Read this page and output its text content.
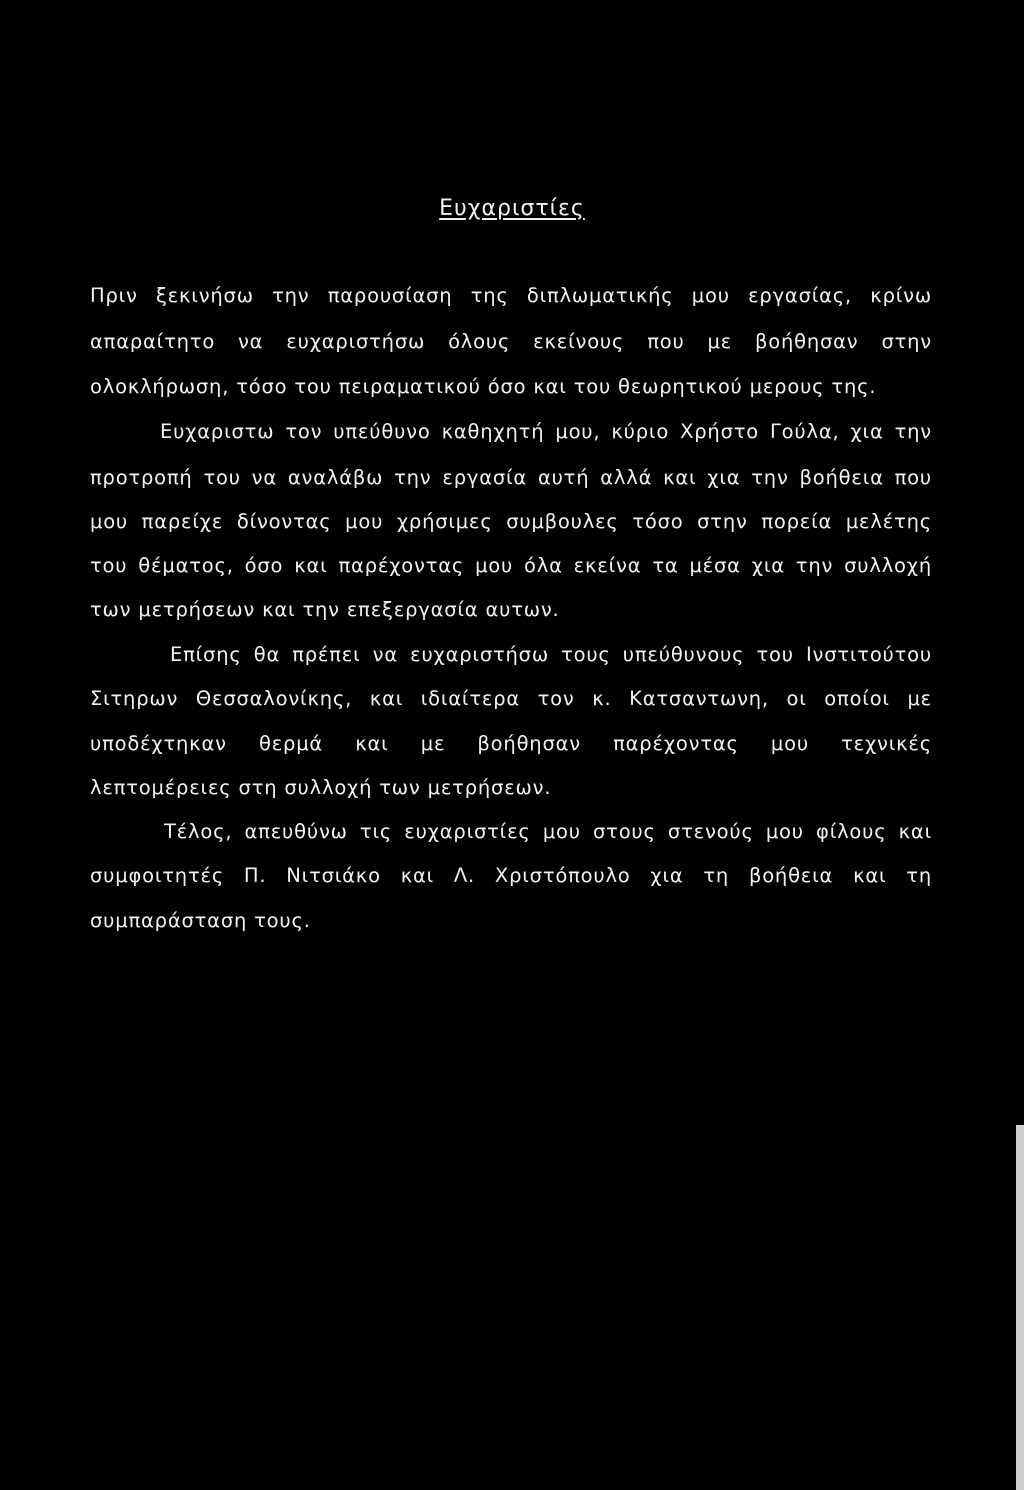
Ευχαριστίες
Πριν ξεκινήσω την παρουσίαση της διπλωματικής μου εργασίας, κρίνω
απαραίτητο να ευχαριστήσω όλους εκείνους που με βοήθησαν στην
ολοκλήρωση, τόσο του πειραματικού όσο και του θεωρητικού μερους της.
Ευχαριστω τον υπεύθυνο καθηχητή μου, κύριο Χρήστο Γούλα, χια την
προτροπή του να αναλάβω την εργασία αυτή αλλά και χια την βοήθεια που
μου παρείχε δίνοντας μου χρήσιμες συμβουλες τόσο στην πορεία μελέτης
του θέματος, όσο και παρέχοντας μου όλα εκείνα τα μέσα χια την συλλοχή
των μετρήσεων και την επεξεργασία αυτων.
Επίσης θα πρέπει να ευχαριστήσω τους υπεύθυνους του Ινστιτούτου
Σιτηρων Θεσσαλονίκης, και ιδιαίτερα τον κ. Κατσαντωνη, οι οποίοι με
υποδέχτηκαν θερμά και με βοήθησαν παρέχοντας μου τεχνικές
λεπτομέρειες στη συλλοχή των μετρήσεων.
Τέλος, απευθύνω τις ευχαριστίες μου στους στενούς μου φίλους και
συμφοιτητές Π. Νιτσιάκο και Λ. Χριστόπουλο χια τη βοήθεια και τη
συμπαράσταση τους.
